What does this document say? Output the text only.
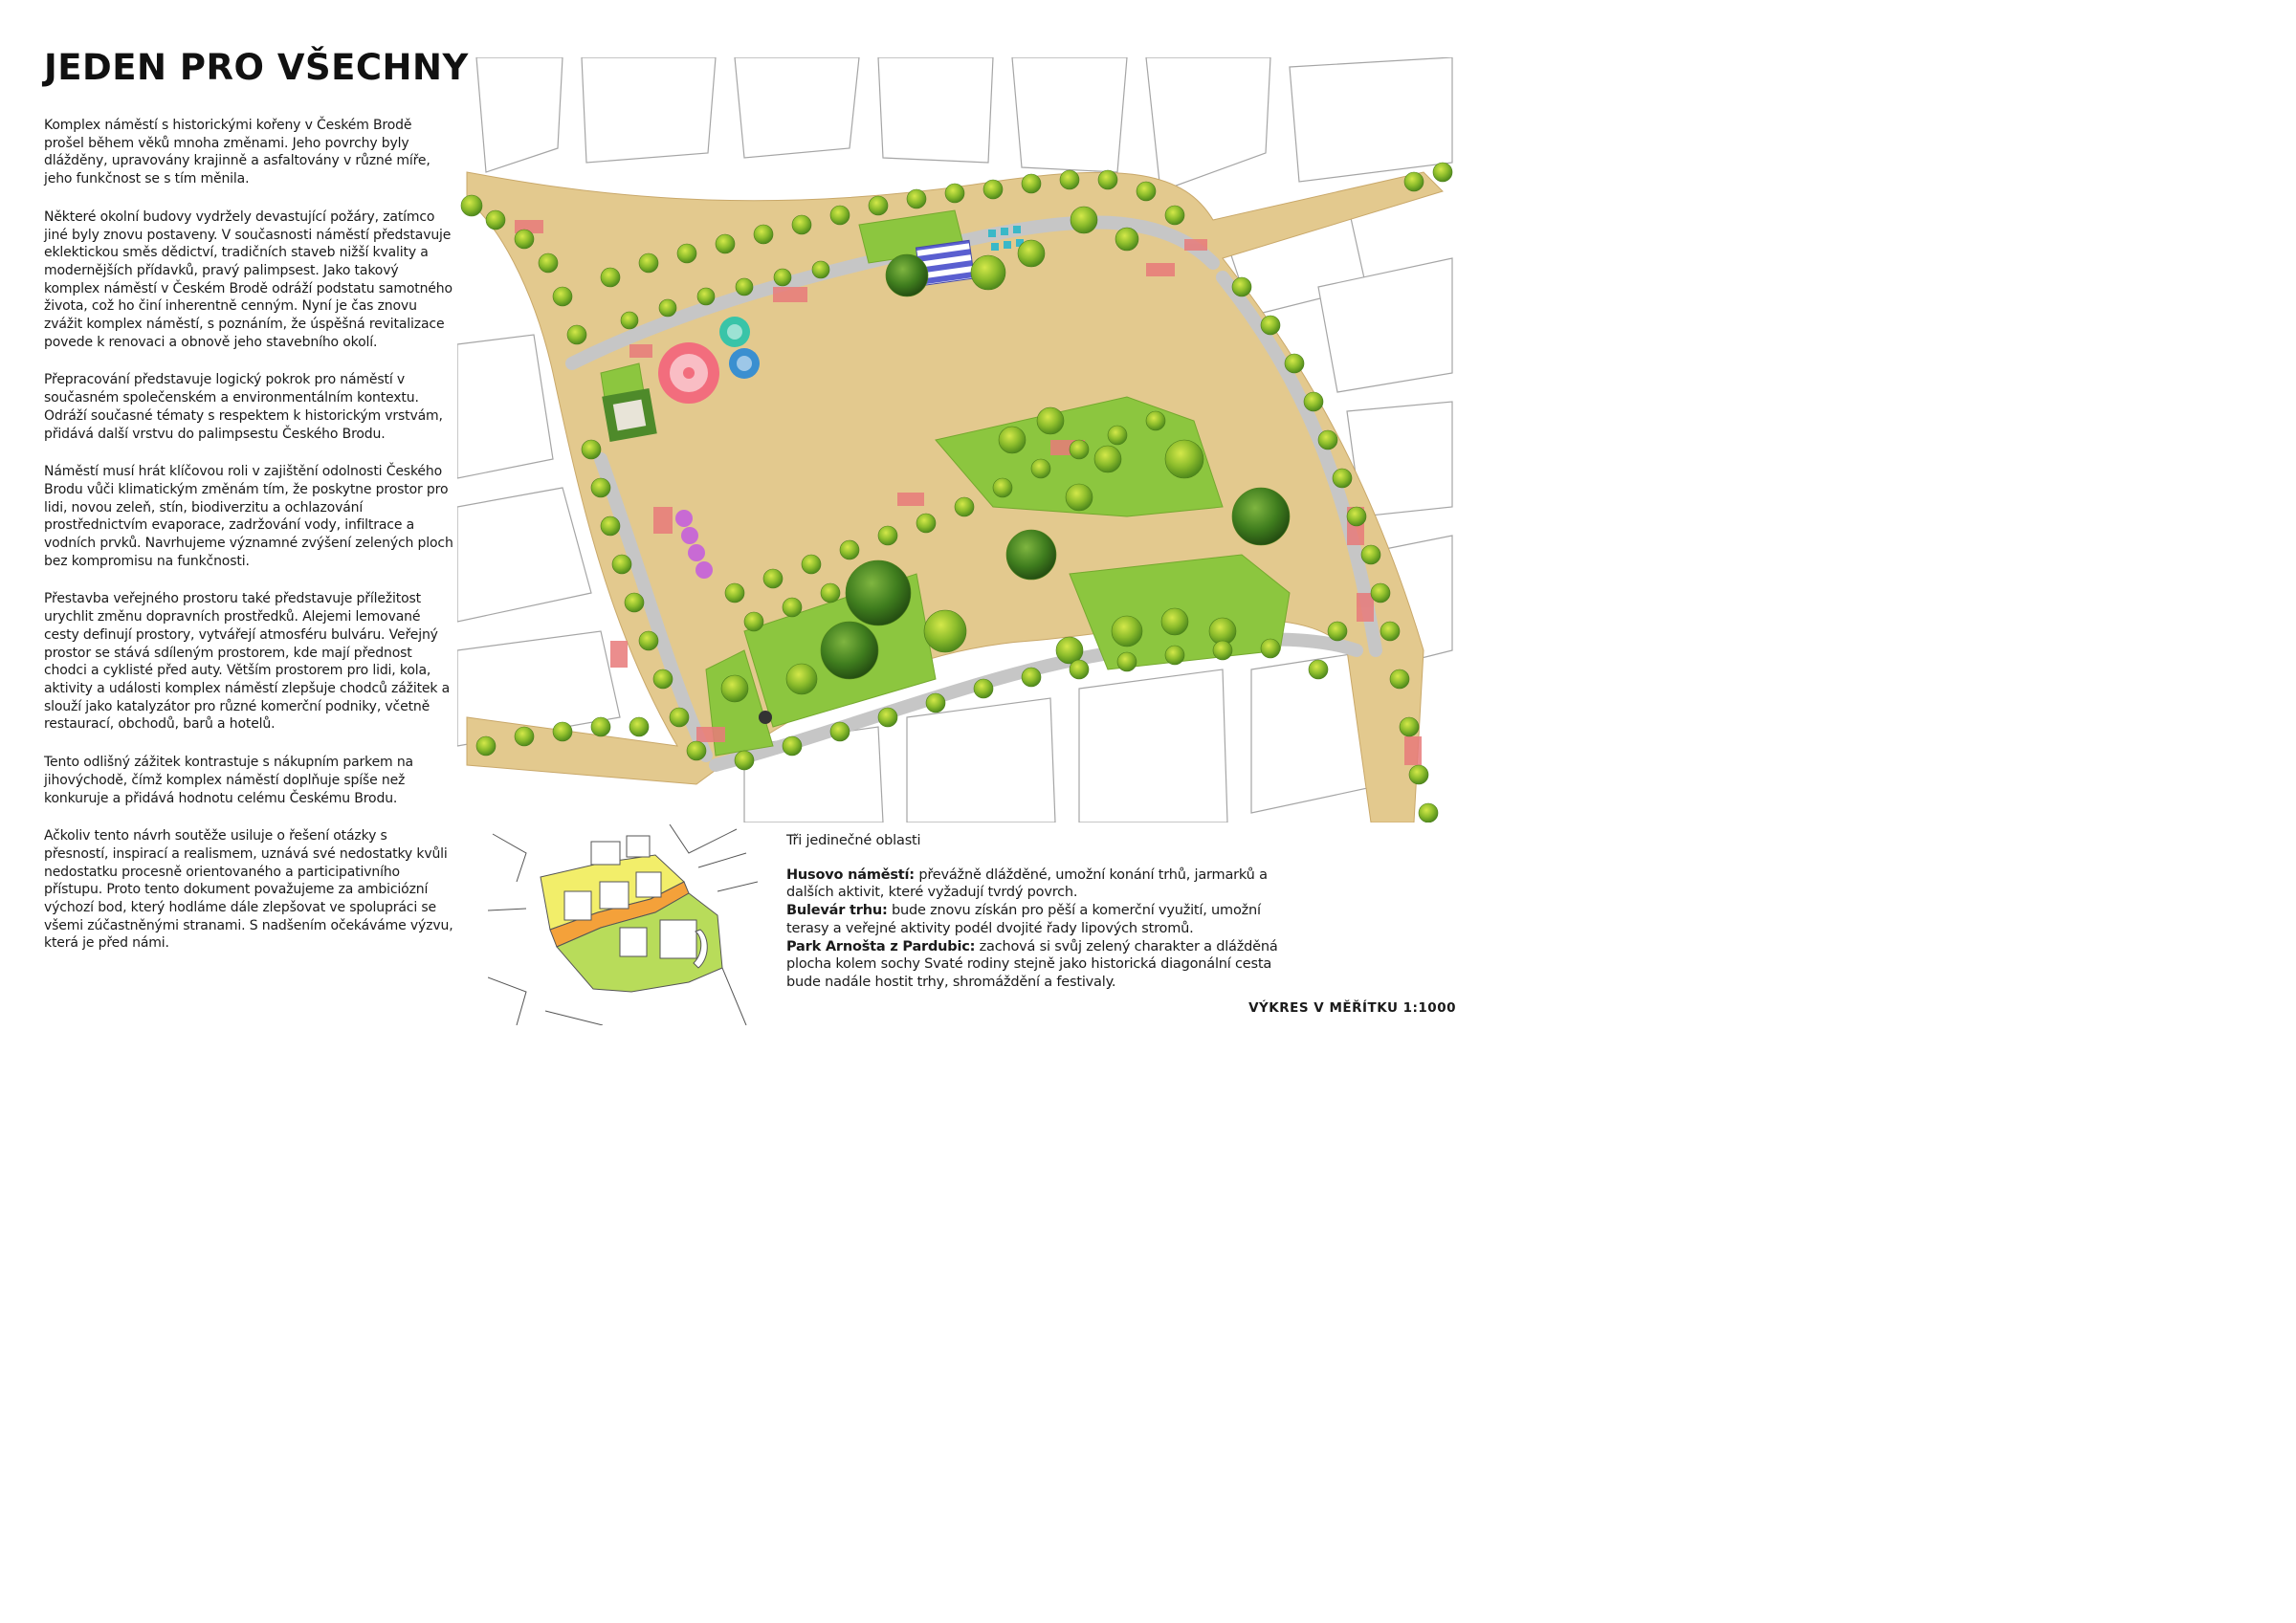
JEDEN PRO VŠECHNY

Komplex náměstí s historickými kořeny v Českém Brodě prošel během věků mnoha změnami. Jeho povrchy byly dlážděny, upravovány krajinně a asfaltovány v různé míře, jeho funkčnost se s tím měnila.

Některé okolní budovy vydržely devastující požáry, zatímco jiné byly znovu postaveny. V současnosti náměstí představuje eklektickou směs dědictví, tradičních staveb nižší kvality a modernějších přídavků, pravý palimpsest. Jako takový komplex náměstí v Českém Brodě odráží podstatu samotného života, což ho činí inherentně cenným. Nyní je čas znovu zvážit komplex náměstí, s poznáním, že úspěšná revitalizace povede k renovaci a obnově jeho stavebního okolí.

Přepracování představuje logický pokrok pro náměstí v současném společenském a environmentálním kontextu. Odráží současné tématy s respektem k historickým vrstvám, přidává další vrstvu do palimpsestu Českého Brodu.

Náměstí musí hrát klíčovou roli v zajištění odolnosti Českého Brodu vůči klimatickým změnám tím, že poskytne prostor pro lidi, novou zeleň, stín, biodiverzitu a ochlazování prostřednictvím evaporace, zadržování vody, infiltrace a vodních prvků. Navrhujeme významné zvýšení zelených ploch bez kompromisu na funkčnosti.

Přestavba veřejného prostoru také představuje příležitost urychlit změnu dopravních prostředků. Alejemi lemované cesty definují prostory, vytvářejí atmosféru bulváru. Veřejný prostor se stává sdíleným prostorem, kde mají přednost chodci a cyklisté před auty. Větším prostorem pro lidi, kola, aktivity a události komplex náměstí zlepšuje chodců zážitek a slouží jako katalyzátor pro různé komerční podniky, včetně restaurací, obchodů, barů a hotelů.

Tento odlišný zážitek kontrastuje s nákupním parkem na jihovýchodě, čímž komplex náměstí doplňuje spíše než konkuruje a přidává hodnotu celému Českému Brodu.

Ačkoliv tento návrh soutěže usiluje o řešení otázky s přesností, inspirací a realismem, uznává své nedostatky kvůli nedostatku procesně orientovaného a participativního přístupu. Proto tento dokument považujeme za ambiciózní výchozí bod, který hodláme dále zlepšovat ve spolupráci se všemi zúčastněnými stranami. S nadšením očekáváme výzvu, která je před námi.

Tři jedinečné oblasti

Husovo náměstí: převážně dlážděné, umožní konání trhů, jarmarků a dalších aktivit, které vyžadují tvrdý povrch.

Bulevár trhu: bude znovu získán pro pěší a komerční využití, umožní terasy a veřejné aktivity podél dvojité řady lipových stromů.

Park Arnošta z Pardubic: zachová si svůj zelený charakter a dlážděná plocha kolem sochy Svaté rodiny stejně jako historická diagonální cesta bude nadále hostit trhy, shromáždění a festivaly.

VÝKRES V MĚŘÍTKU 1:1000
